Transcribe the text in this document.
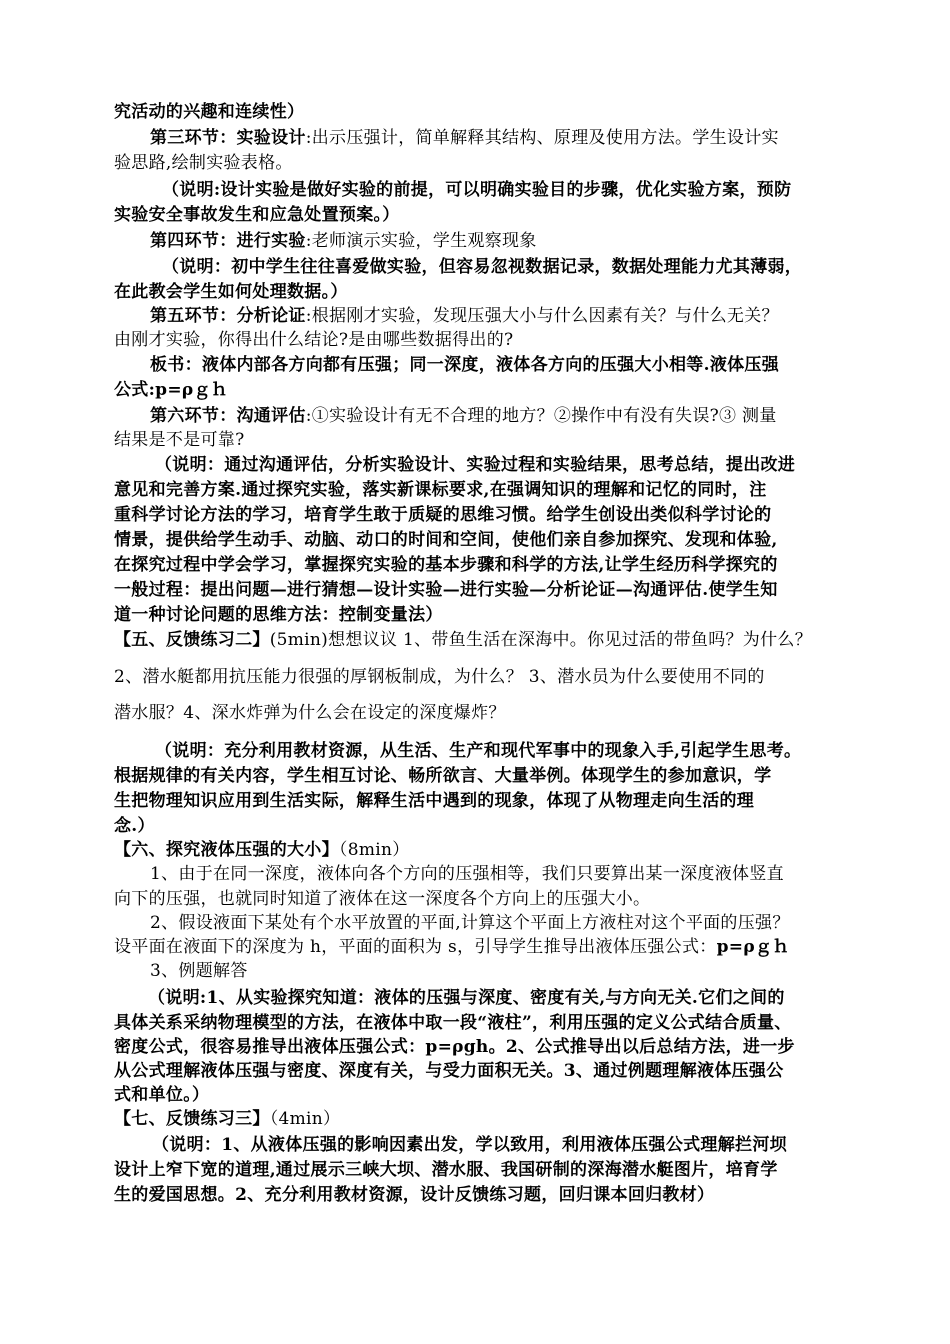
究活动的兴趣和连续性）
第三环节：实验设计:出示压强计，简单解释其结构、原理及使用方法。学生设计实
验思路,绘制实验表格。
（说明:设计实验是做好实验的前提，可以明确实验目的步骤，优化实验方案，预防
实验安全事故发生和应急处置预案。）
第四环节：进行实验:老师演示实验，学生观察现象
（说明：初中学生往往喜爱做实验，但容易忽视数据记录，数据处理能力尤其薄弱，
在此教会学生如何处理数据。）
第五环节：分析论证:根据刚才实验，发现压强大小与什么因素有关？与什么无关？
由刚才实验，你得出什么结论?是由哪些数据得出的?
板书：液体内部各方向都有压强；同一深度，液体各方向的压强大小相等.液体压强
公式:p=ρｇｈ
第六环节：沟通评估:①实验设计有无不合理的地方？②操作中有没有失误?③ 测量
结果是不是可靠?
（说明：通过沟通评估，分析实验设计、实验过程和实验结果，思考总结，提出改进
意见和完善方案.通过探究实验，落实新课标要求,在强调知识的理解和记忆的同时，注
重科学讨论方法的学习，培育学生敢于质疑的思维习惯。给学生创设出类似科学讨论的
情景，提供给学生动手、动脑、动口的时间和空间，使他们亲自参加探究、发现和体验,
在探究过程中学会学习，掌握探究实验的基本步骤和科学的方法,让学生经历科学探究的
一般过程：提出问题—进行猜想—设计实验—进行实验—分析论证—沟通评估.使学生知
道一种讨论问题的思维方法：控制变量法）
【五、反馈练习二】(5min)想想议议 1、带鱼生活在深海中。你见过活的带鱼吗？为什么？
2、潜水艇都用抗压能力很强的厚钢板制成，为什么？ 3、潜水员为什么要使用不同的
潜水服？4、深水炸弹为什么会在设定的深度爆炸？
（说明：充分利用教材资源，从生活、生产和现代军事中的现象入手,引起学生思考。
根据规律的有关内容，学生相互讨论、畅所欲言、大量举例。体现学生的参加意识，学
生把物理知识应用到生活实际，解释生活中遇到的现象，体现了从物理走向生活的理
念.）
【六、探究液体压强的大小】（8min）
1、由于在同一深度，液体向各个方向的压强相等，我们只要算出某一深度液体竖直
向下的压强，也就同时知道了液体在这一深度各个方向上的压强大小。
2、假设液面下某处有个水平放置的平面,计算这个平面上方液柱对这个平面的压强？
设平面在液面下的深度为 h，平面的面积为 s，引导学生推导出液体压强公式：p=ρｇｈ
3、例题解答
（说明:1、从实验探究知道：液体的压强与深度、密度有关,与方向无关.它们之间的
具体关系采纳物理模型的方法，在液体中取一段“液柱”，利用压强的定义公式结合质量、
密度公式，很容易推导出液体压强公式：p=ρgh。2、公式推导出以后总结方法，进一步
从公式理解液体压强与密度、深度有关，与受力面积无关。3、通过例题理解液体压强公
式和单位。）
【七、反馈练习三】（4min）
（说明：1、从液体压强的影响因素出发，学以致用，利用液体压强公式理解拦河坝
设计上窄下宽的道理,通过展示三峡大坝、潜水服、我国研制的深海潜水艇图片，培育学
生的爱国思想。2、充分利用教材资源，设计反馈练习题，回归课本回归教材）
